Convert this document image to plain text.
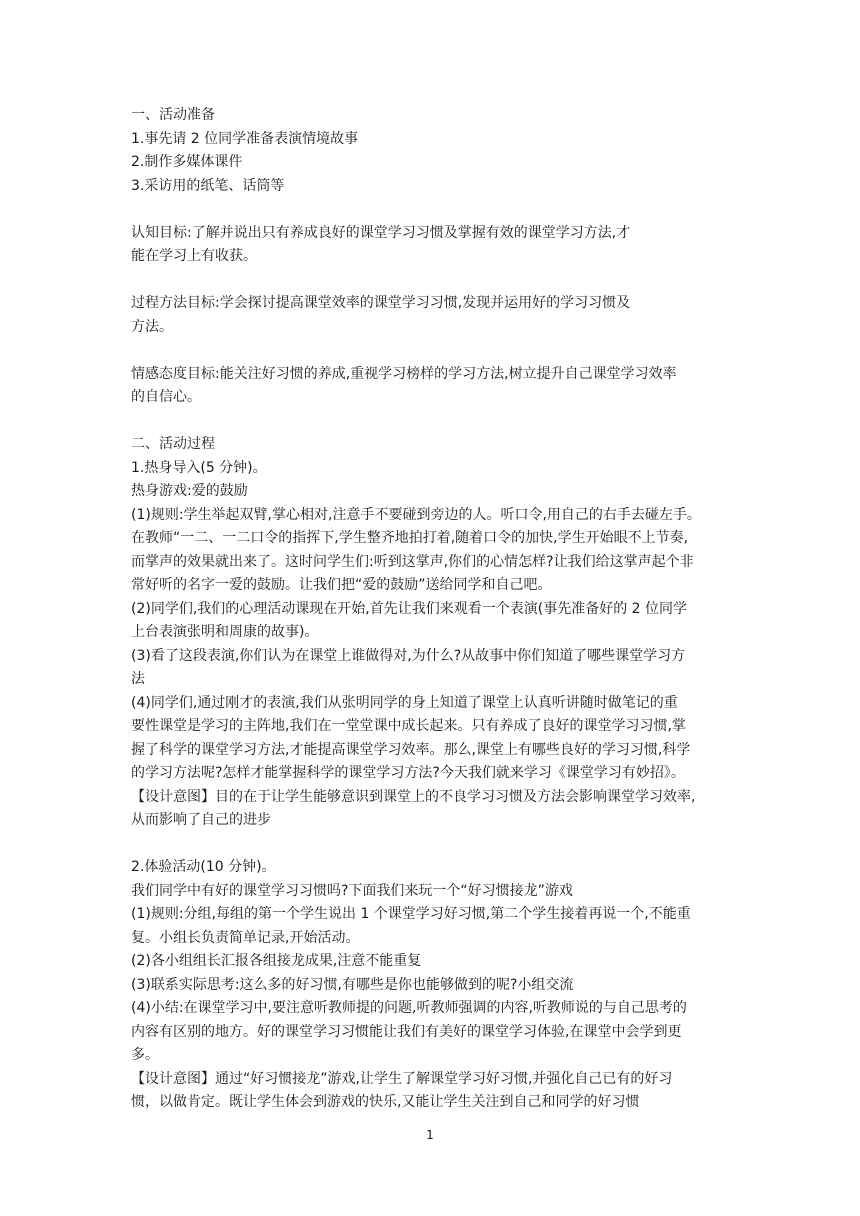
一、活动准备
1.事先请 2 位同学准备表演情境故事
2.制作多媒体课件
3.采访用的纸笔、话筒等
认知目标:了解并说出只有养成良好的课堂学习习惯及掌握有效的课堂学习方法,才
能在学习上有收获。
过程方法目标:学会探讨提高课堂效率的课堂学习习惯,发现并运用好的学习习惯及
方法。
情感态度目标:能关注好习惯的养成,重视学习榜样的学习方法,树立提升自己课堂学习效率
的自信心。
二、活动过程
1.热身导入(5 分钟)。
热身游戏:爱的鼓励
(1)规则:学生举起双臂,掌心相对,注意手不要碰到旁边的人。听口令,用自己的右手去碰左手。
在教师“一二、一二口令的指挥下,学生整齐地拍打着,随着口令的加快,学生开始眼不上节奏,
而掌声的效果就出来了。这时问学生们:听到这掌声,你们的心情怎样?让我们给这掌声起个非
常好听的名字一爱的鼓励。让我们把“爱的鼓励”送给同学和自己吧。
(2)同学们,我们的心理活动课现在开始,首先让我们来观看一个表演(事先准备好的 2 位同学
上台表演张明和周康的故事)。
(3)看了这段表演,你们认为在课堂上谁做得对,为什么?从故事中你们知道了哪些课堂学习方
法
(4)同学们,通过刚才的表演,我们从张明同学的身上知道了课堂上认真听讲随时做笔记的重
要性课堂是学习的主阵地,我们在一堂堂课中成长起来。只有养成了良好的课堂学习习惯,掌
握了科学的课堂学习方法,才能提高课堂学习效率。那么,课堂上有哪些良好的学习习惯,科学
的学习方法呢?怎样才能掌握科学的课堂学习方法?今天我们就来学习《课堂学习有妙招》。
【设计意图】目的在于让学生能够意识到课堂上的不良学习习惯及方法会影响课堂学习效率,
从而影响了自己的进步
2.体验活动(10 分钟)。
我们同学中有好的课堂学习习惯吗?下面我们来玩一个“好习惯接龙”游戏
(1)规则:分组,每组的第一个学生说出 1 个课堂学习好习惯,第二个学生接着再说一个,不能重
复。小组长负责简单记录,开始活动。
(2)各小组组长汇报各组接龙成果,注意不能重复
(3)联系实际思考:这么多的好习惯,有哪些是你也能够做到的呢?小组交流
(4)小结:在课堂学习中,要注意听教师提的问题,听教师强调的内容,听教师说的与自己思考的
内容有区别的地方。好的课堂学习习惯能让我们有美好的课堂学习体验,在课堂中会学到更
多。
【设计意图】通过“好习惯接龙”游戏,让学生了解课堂学习好习惯,并强化自己已有的好习
惯，以做肯定。既让学生体会到游戏的快乐,又能让学生关注到自己和同学的好习惯
1
